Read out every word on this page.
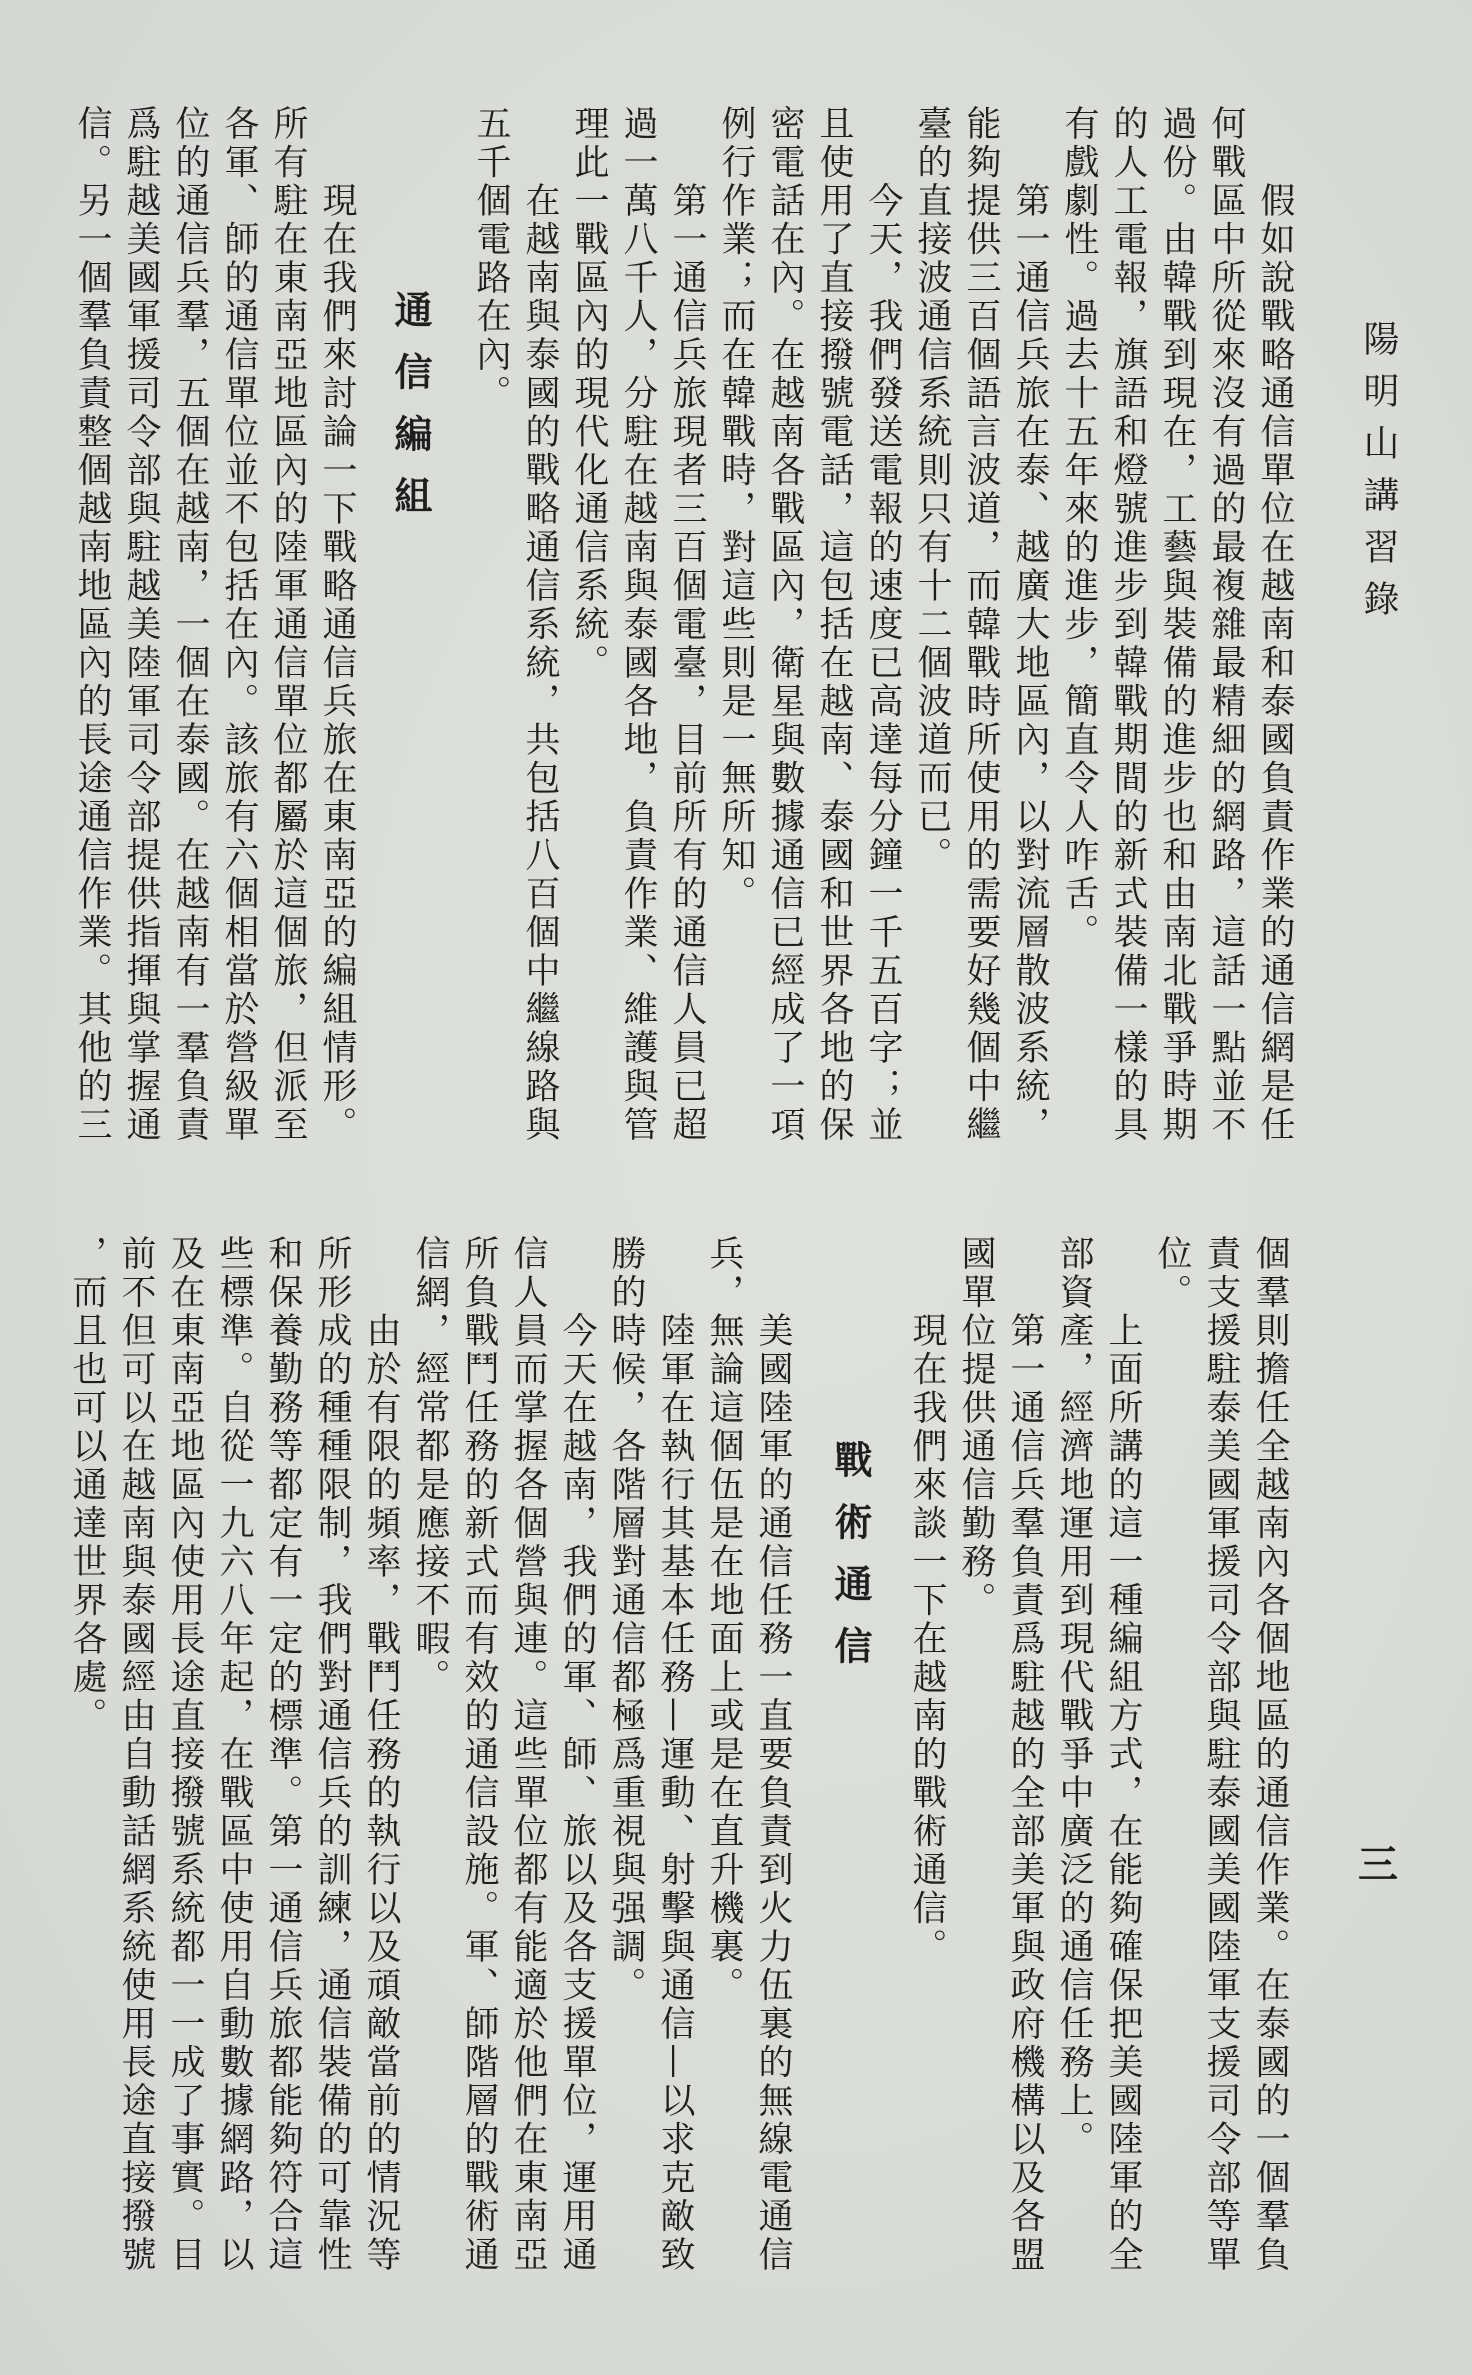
陽明山講習錄
三
假如說戰略通信單位在越南和泰國負責作業的通信網是任
何戰區中所從來沒有過的最複雜最精細的網路，這話一點並不
過份。由韓戰到現在，工藝與裝備的進步也和由南北戰爭時期
的人工電報，旗語和燈號進步到韓戰期間的新式裝備一樣的具
有戲劇性。過去十五年來的進步，簡直令人咋舌。
第一通信兵旅在泰、越廣大地區內，以對流層散波系統，
能夠提供三百個語言波道，而韓戰時所使用的需要好幾個中繼
臺的直接波通信系統則只有十二個波道而已。
今天，我們發送電報的速度已高達每分鐘一千五百字；並
且使用了直接撥號電話，這包括在越南、泰國和世界各地的保
密電話在內。在越南各戰區內，衛星與數據通信已經成了一項
例行作業；而在韓戰時，對這些則是一無所知。
第一通信兵旅現者三百個電臺，目前所有的通信人員已超
過一萬八千人，分駐在越南與泰國各地，負責作業、維護與管
理此一戰區內的現代化通信系統。
在越南與泰國的戰略通信系統，共包括八百個中繼線路與
五千個電路在內。
通信編組
現在我們來討論一下戰略通信兵旅在東南亞的編組情形。
所有駐在東南亞地區內的陸軍通信單位都屬於這個旅，但派至
各軍、師的通信單位並不包括在內。該旅有六個相當於營級單
位的通信兵羣，五個在越南，一個在泰國。在越南有一羣負責
爲駐越美國軍援司令部與駐越美陸軍司令部提供指揮與掌握通
信。另一個羣負責整個越南地區內的長途通信作業。其他的三
個羣則擔任全越南內各個地區的通信作業。在泰國的一個羣負
責支援駐泰美國軍援司令部與駐泰國美國陸軍支援司令部等單
位。
上面所講的這一種編組方式，在能夠確保把美國陸軍的全
部資產，經濟地運用到現代戰爭中廣泛的通信任務上。
第一通信兵羣負責爲駐越的全部美軍與政府機構以及各盟
國單位提供通信勤務。
現在我們來談一下在越南的戰術通信。
戰術通信
美國陸軍的通信任務一直要負責到火力伍裏的無線電通信
兵，無論這個伍是在地面上或是在直升機裏。
陸軍在執行其基本任務—運動、射擊與通信—以求克敵致
勝的時候，各階層對通信都極爲重視與强調。
今天在越南，我們的軍、師、旅以及各支援單位，運用通
信人員而掌握各個營與連。這些單位都有能適於他們在東南亞
所負戰鬥任務的新式而有效的通信設施。軍、師階層的戰術通
信網，經常都是應接不暇。
由於有限的頻率，戰鬥任務的執行以及頑敵當前的情況等
所形成的種種限制，我們對通信兵的訓練，通信裝備的可靠性
和保養勤務等都定有一定的標準。第一通信兵旅都能夠符合這
些標準。自從一九六八年起，在戰區中使用自動數據網路，以
及在東南亞地區內使用長途直接撥號系統都一一成了事實。目
前不但可以在越南與泰國經由自動話網系統使用長途直接撥號
，而且也可以通達世界各處。
